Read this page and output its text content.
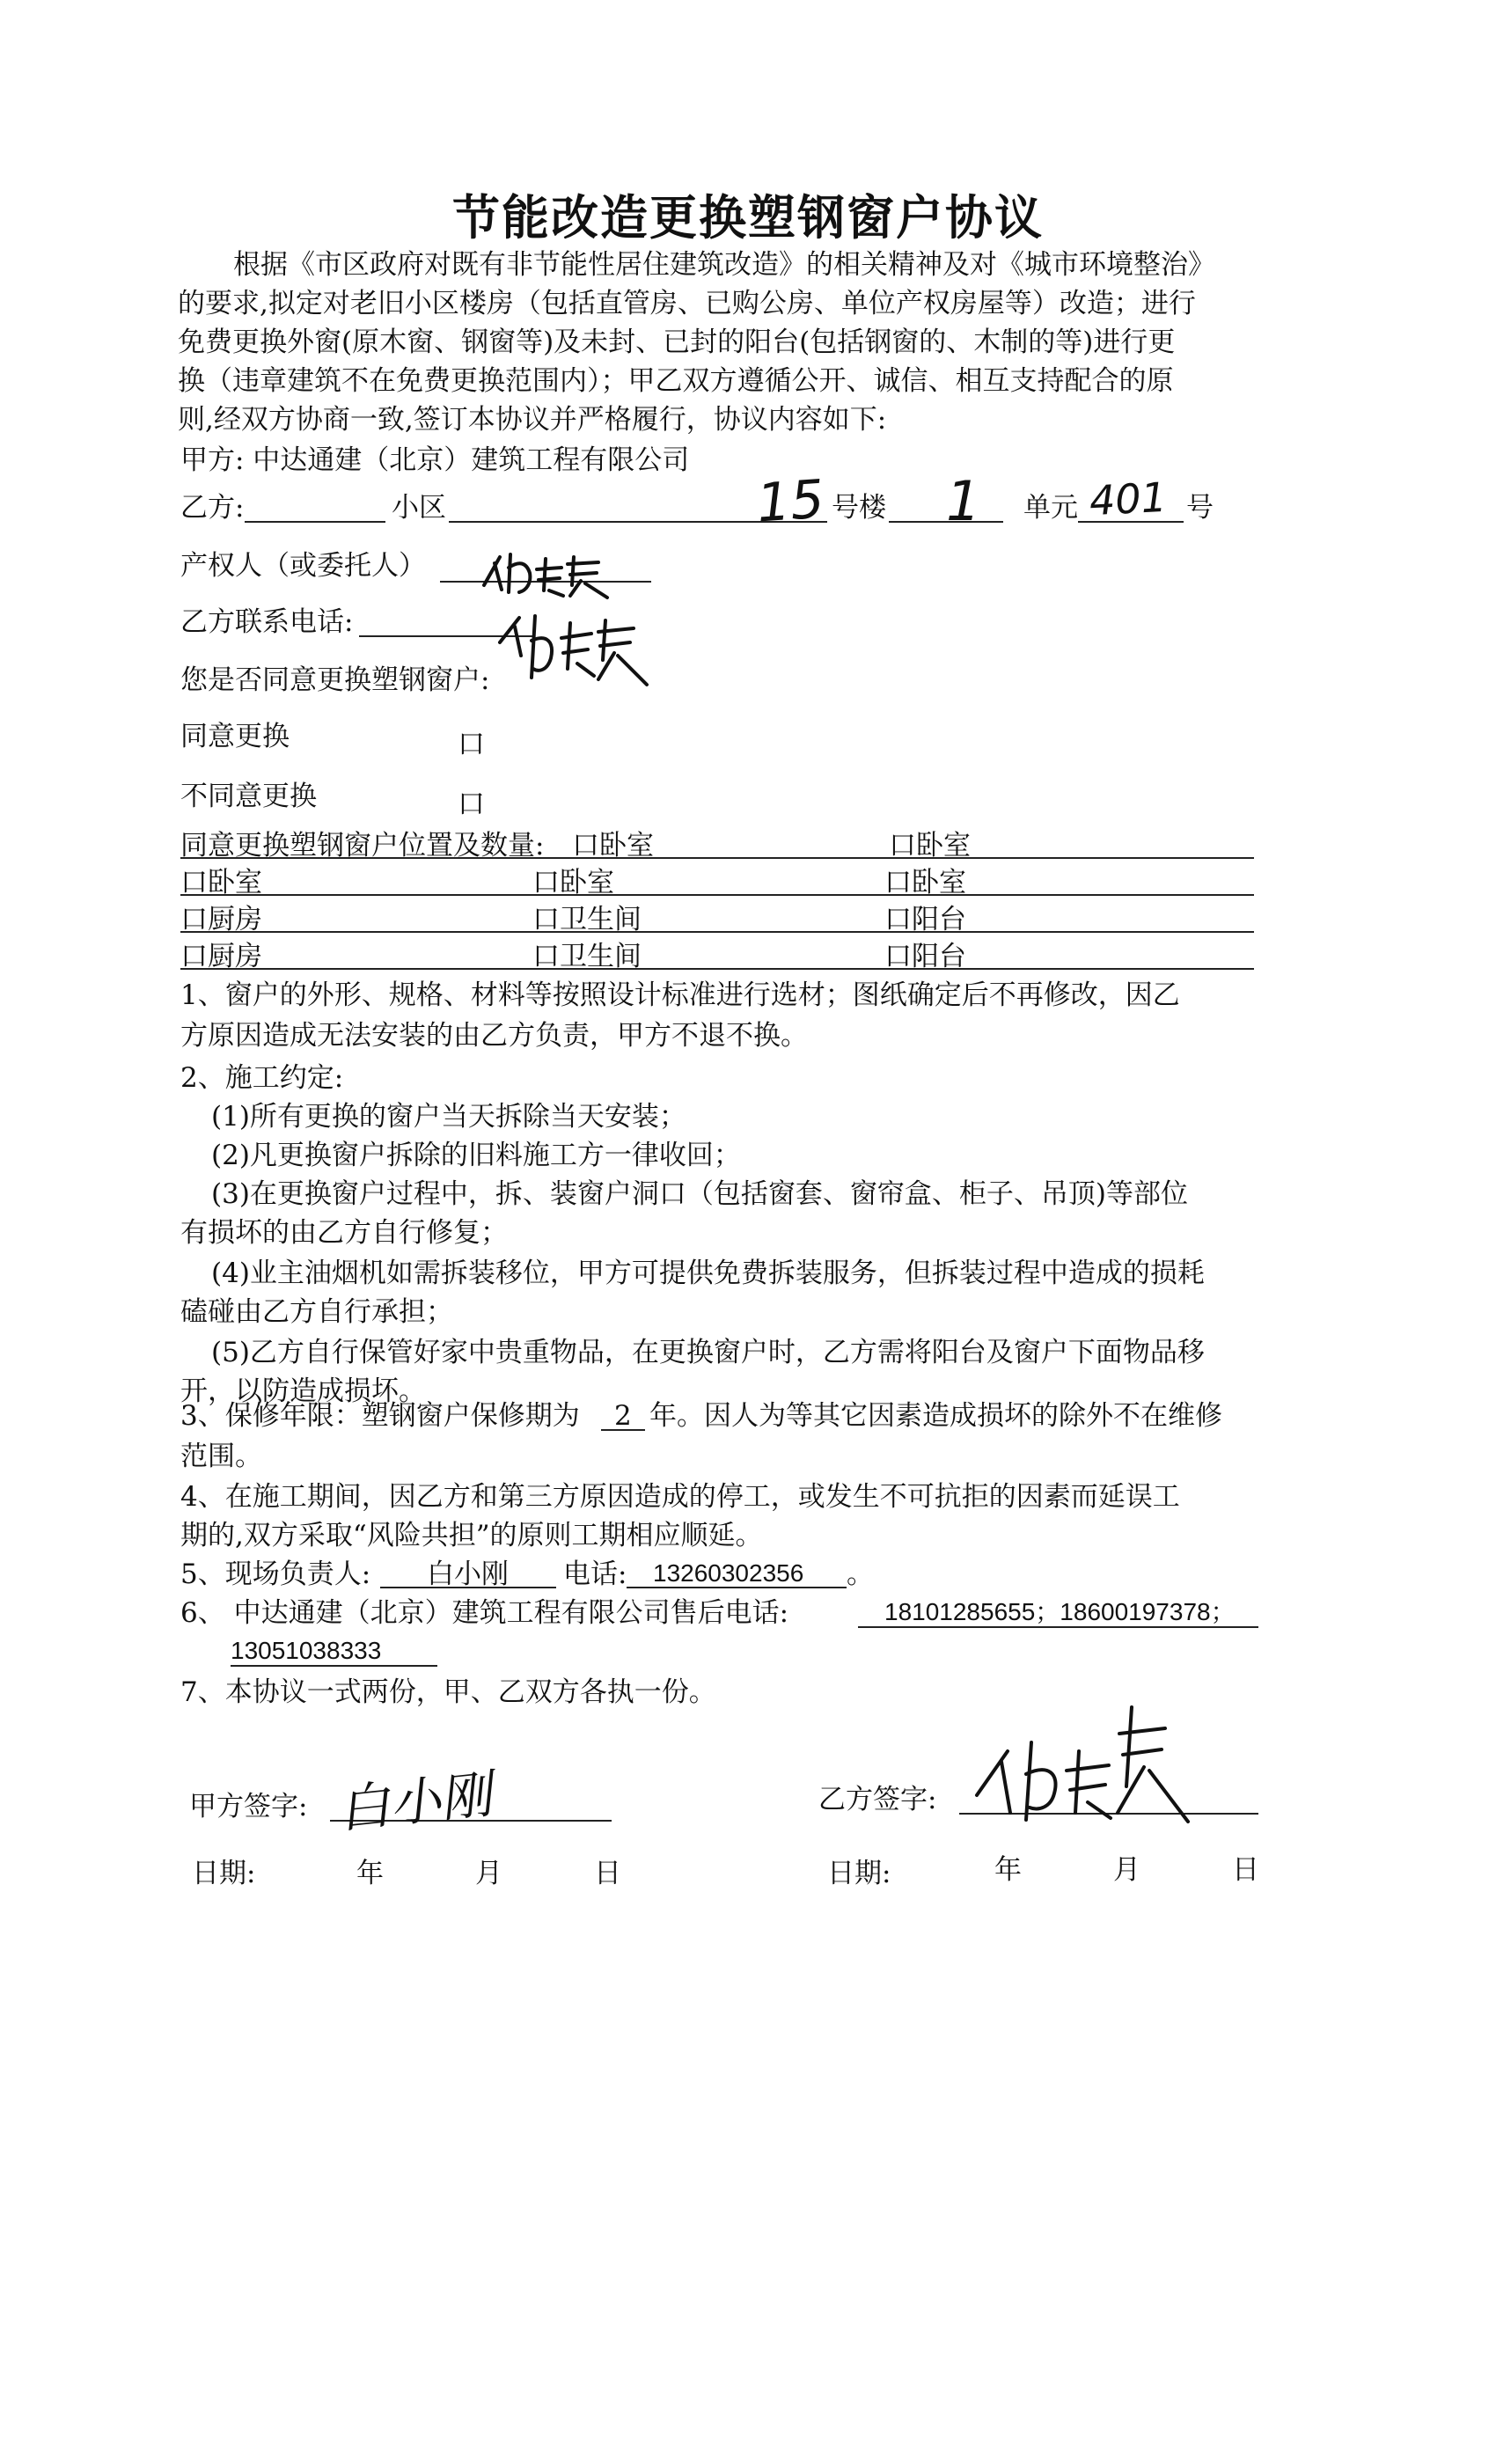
节能改造更换塑钢窗户协议
根据《市区政府对既有非节能性居住建筑改造》的相关精神及对《城市环境整治》
的要求,拟定对老旧小区楼房（包括直管房、已购公房、单位产权房屋等）改造；进行
免费更换外窗(原木窗、钢窗等)及未封、已封的阳台(包括钢窗的、木制的等)进行更
换（违章建筑不在免费更换范围内）；甲乙双方遵循公开、诚信、相互支持配合的原
则,经双方协商一致,签订本协议并严格履行，协议内容如下:
甲方: 中达通建（北京）建筑工程有限公司
乙方:	小区	15 号楼 1 单元 401 号
产权人（或委托人）
乙方联系电话:
您是否同意更换塑钢窗户:
同意更换	口
不同意更换	口
同意更换塑钢窗户位置及数量: 口卧室	口卧室
口卧室	口卧室	口卧室
口厨房	口卫生间	口阳台
口厨房	口卫生间	口阳台
1、窗户的外形、规格、材料等按照设计标准进行选材；图纸确定后不再修改，因乙
方原因造成无法安装的由乙方负责，甲方不退不换。
2、施工约定:
(1)所有更换的窗户当天拆除当天安装；
(2)凡更换窗户拆除的旧料施工方一律收回；
(3)在更换窗户过程中，拆、装窗户洞口（包括窗套、窗帘盒、柜子、吊顶)等部位
有损坏的由乙方自行修复；
(4)业主油烟机如需拆装移位，甲方可提供免费拆装服务，但拆装过程中造成的损耗
磕碰由乙方自行承担；
(5)乙方自行保管好家中贵重物品，在更换窗户时，乙方需将阳台及窗户下面物品移
开，以防造成损坏。
3、保修年限：塑钢窗户保修期为 2 年。因人为等其它因素造成损坏的除外不在维修
范围。
4、在施工期间，因乙方和第三方原因造成的停工，或发生不可抗拒的因素而延误工
期的,双方采取“风险共担”的原则工期相应顺延。
5、现场负责人: 白小刚 电话: 13260302356 。
6、 中达通建（北京）建筑工程有限公司售后电话:	18101285655；18600197378；
13051038333
7、本协议一式两份，甲、乙双方各执一份。
甲方签字: 白小刚	乙方签字:
日期:	年	月	日	日期:	年	月	日
